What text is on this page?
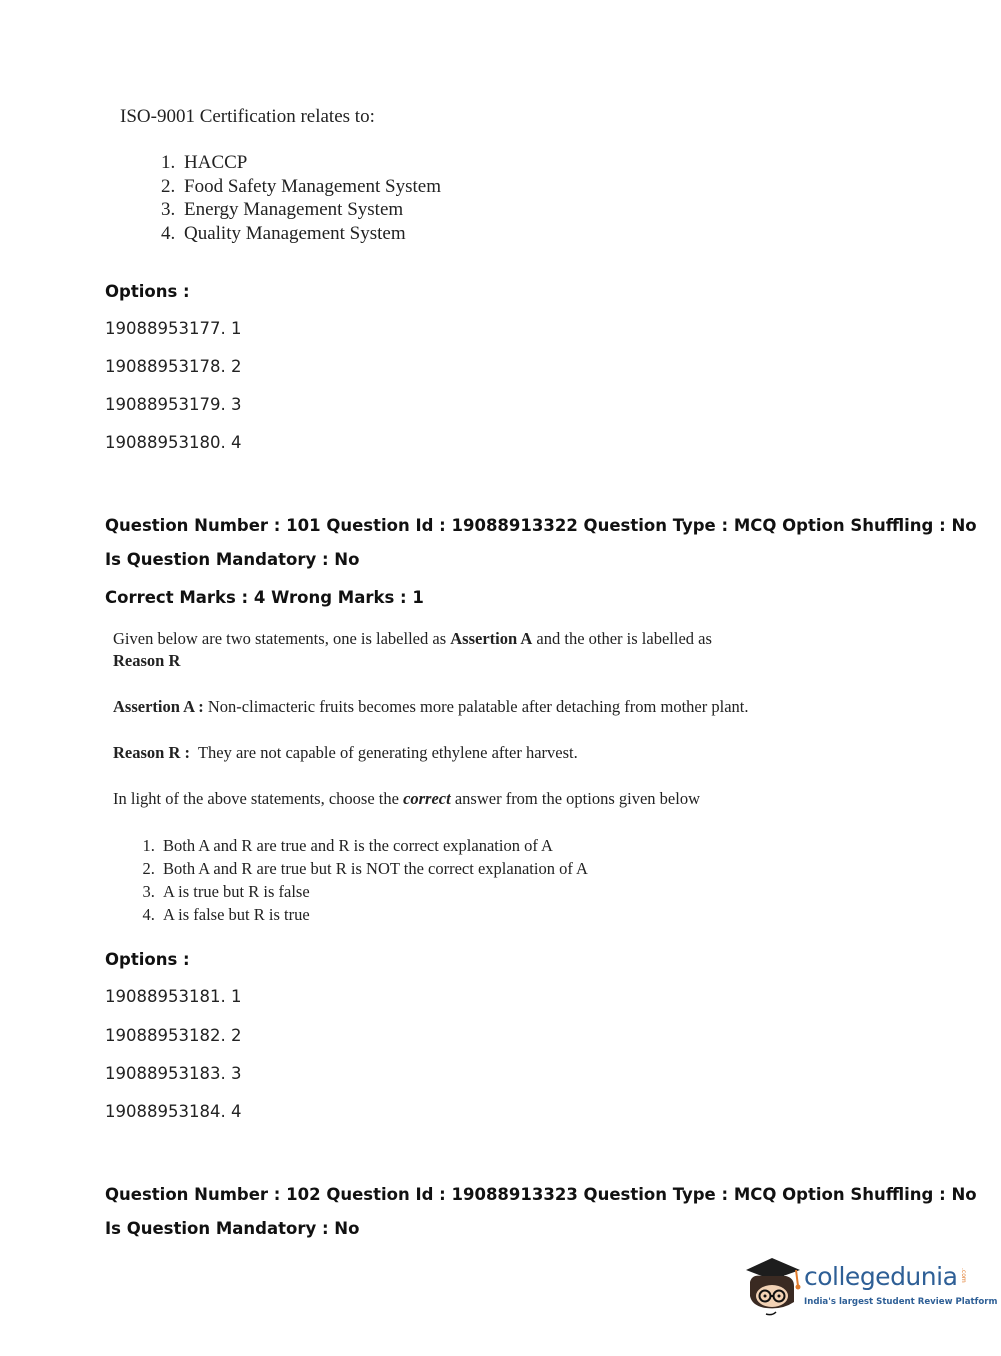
ISO-9001 Certification relates to:

1. HACCP
2. Food Safety Management System
3. Energy Management System
4. Quality Management System
Options :
19088953177. 1
19088953178. 2
19088953179. 3
19088953180. 4
Question Number : 101 Question Id : 19088913322 Question Type : MCQ Option Shuffling : No
Is Question Mandatory : No
Correct Marks : 4 Wrong Marks : 1

Given below are two statements, one is labelled as Assertion A and the other is labelled as

Reason R

Assertion A : Non-climacteric fruits becomes more palatable after detaching from mother plant.

Reason R :  They are not capable of generating ethylene after harvest.

In light of the above statements, choose the correct answer from the options given below

1. Both A and R are true and R is the correct explanation of A
2. Both A and R are true but R is NOT the correct explanation of A
3. A is true but R is false
4. A is false but R is true
Options :
19088953181. 1
19088953182. 2
19088953183. 3
19088953184. 4
Question Number : 102 Question Id : 19088913323 Question Type : MCQ Option Shuffling : No
Is Question Mandatory : No
collegedunia .com
India's largest Student Review Platform
